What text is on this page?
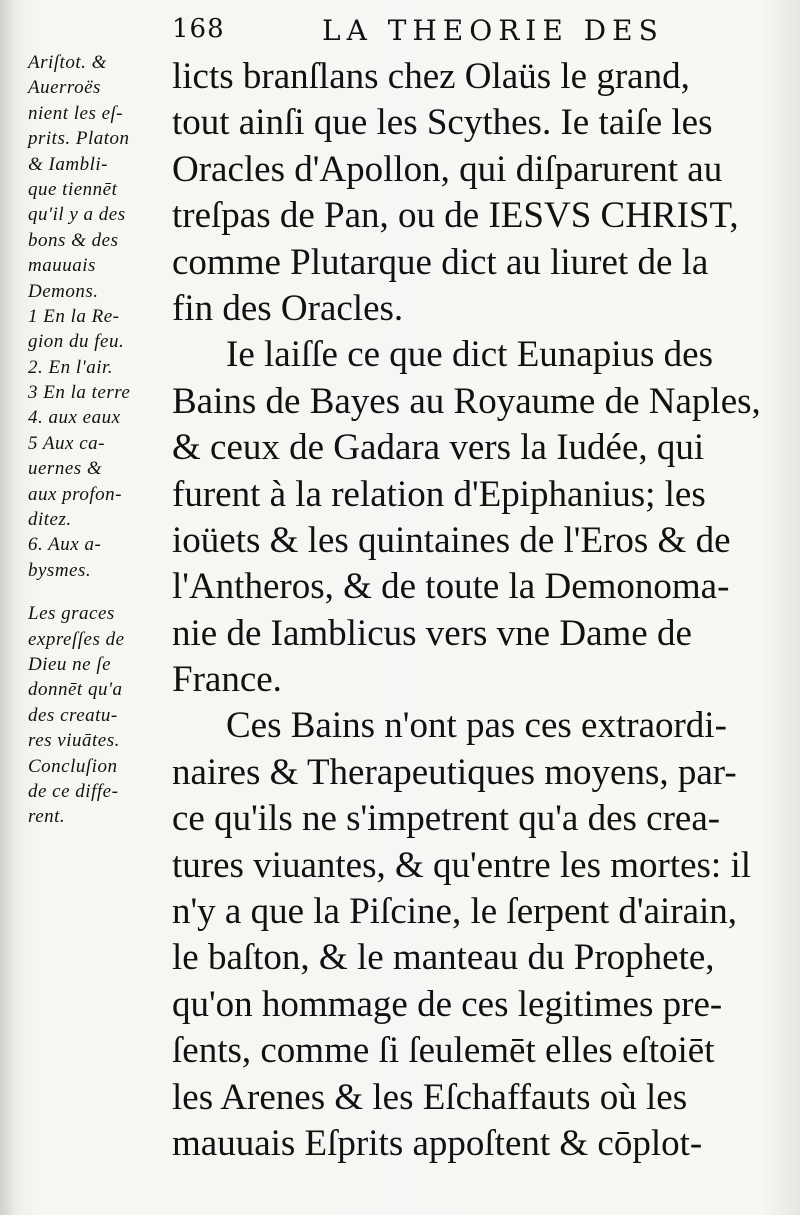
168	LA THEORIE DES
Ariſtot. &
Auerroës
nient les eſ-
prits. Platon
& Iambli-
que tiennēt
qu'il y a des
bons & des
mauuais
Demons.
1 En la Re-
gion du feu.
2. En l'air.
3 En la terre
4. aux eaux
5 Aux ca-
uernes &
aux profon-
ditez.
6. Aux a-
bysmes.
Les graces
expreſſes de
Dieu ne ſe
donnēt qu'a
des creatu-
res viuātes.
Concluſion
de ce diffe-
rent.
licts branſlans chez Olaüs le grand,
tout ainſi que les Scythes. Ie taiſe les
Oracles d'Apollon, qui diſparurent au
treſpas de Pan, ou de IESVS CHRIST,
comme Plutarque dict au liuret de la
fin des Oracles.
Ie laiſſe ce que dict Eunapius des
Bains de Bayes au Royaume de Naples,
& ceux de Gadara vers la Iudée, qui
furent à la relation d'Epiphanius; les
ioüets & les quintaines de l'Eros & de
l'Antheros, & de toute la Demonoma-
nie de Iamblicus vers vne Dame de
France.
Ces Bains n'ont pas ces extraordi-
naires & Therapeutiques moyens, par-
ce qu'ils ne s'impetrent qu'a des crea-
tures viuantes, & qu'entre les mortes: il
n'y a que la Piſcine, le ſerpent d'airain,
le baſton, & le manteau du Prophete,
qu'on hommage de ces legitimes pre-
ſents, comme ſi ſeulemēt elles eſtoiēt
les Arenes & les Eſchaffauts où les
mauuais Eſprits appoſtent & cōplot-
